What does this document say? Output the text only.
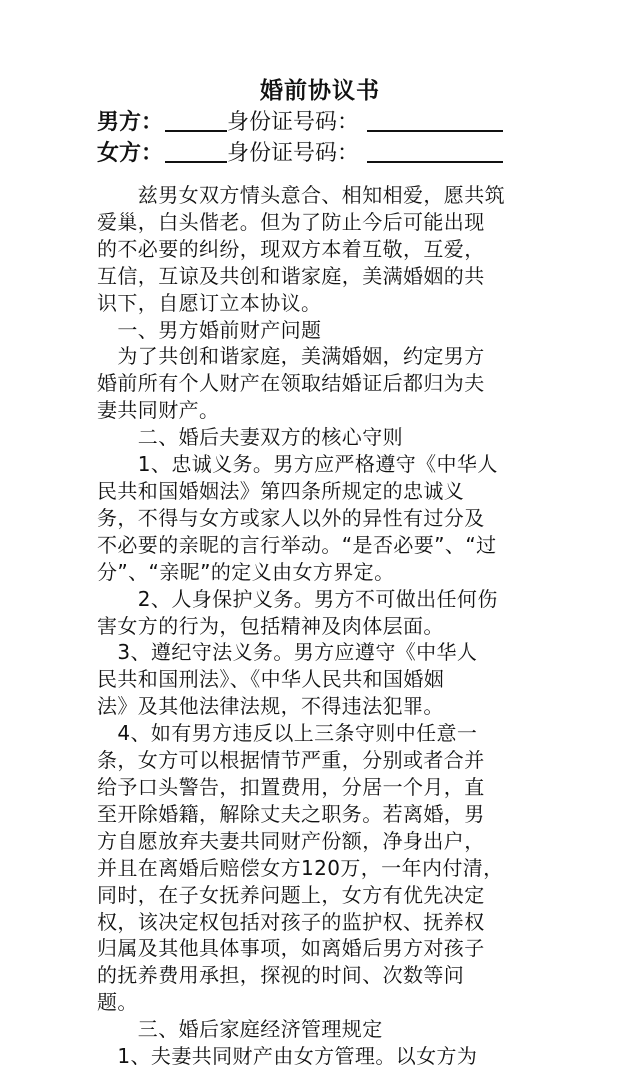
婚前协议书
男方：	身份证号码：
女方：	身份证号码：
　　兹男女双方情头意合、相知相爱，愿共筑
爱巢，白头偕老。但为了防止今后可能出现
的不必要的纠纷，现双方本着互敬，互爱，
互信，互谅及共创和谐家庭，美满婚姻的共
识下，自愿订立本协议。
　一、男方婚前财产问题
　为了共创和谐家庭，美满婚姻，约定男方
婚前所有个人财产在领取结婚证后都归为夫
妻共同财产。
　　二、婚后夫妻双方的核心守则
　　1、忠诚义务。男方应严格遵守《中华人
民共和国婚姻法》第四条所规定的忠诚义
务，不得与女方或家人以外的异性有过分及
不必要的亲昵的言行举动。“是否必要”、“过
分”、“亲昵”的定义由女方界定。
　　2、人身保护义务。男方不可做出任何伤
害女方的行为，包括精神及肉体层面。
　3、遵纪守法义务。男方应遵守《中华人
民共和国刑法》、《中华人民共和国婚姻
法》及其他法律法规，不得违法犯罪。
　4、如有男方违反以上三条守则中任意一
条，女方可以根据情节严重，分别或者合并
给予口头警告，扣置费用，分居一个月，直
至开除婚籍，解除丈夫之职务。若离婚，男
方自愿放弃夫妻共同财产份额，净身出户，
并且在离婚后赔偿女方120万，一年内付清，
同时，在子女抚养问题上，女方有优先决定
权，该决定权包括对孩子的监护权、抚养权
归属及其他具体事项，如离婚后男方对孩子
的抚养费用承担，探视的时间、次数等问
题。
　　三、婚后家庭经济管理规定
　1、夫妻共同财产由女方管理。以女方为
